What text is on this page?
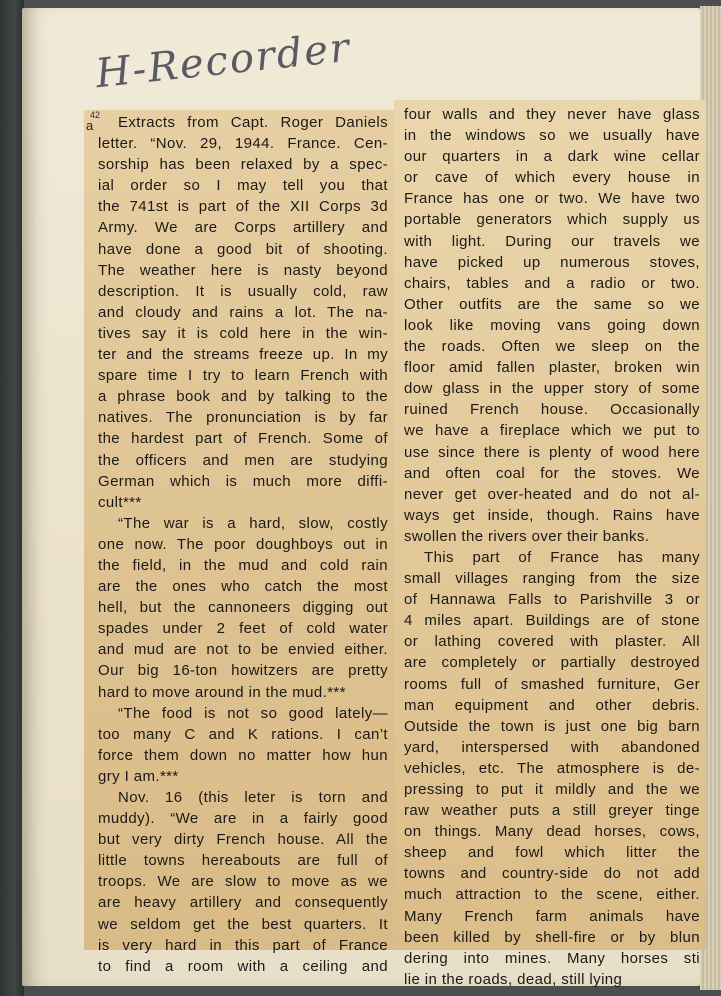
H-Recorder
Extracts from Capt. Roger Daniels
letter. “Nov. 29, 1944. France. Cen-
sorship has been relaxed by a spec-
ial order so I may tell you that
the 741st is part of the XII Corps 3d
Army. We are Corps artillery and
have done a good bit of shooting.
The weather here is nasty beyond
description. It is usually cold, raw
and cloudy and rains a lot. The na-
tives say it is cold here in the win-
ter and the streams freeze up. In my
spare time I try to learn French with
a phrase book and by talking to the
natives. The pronunciation is by far
the hardest part of French. Some of
the officers and men are studying
German which is much more diffi-
cult***
“The war is a hard, slow, costly
one now. The poor doughboys out in
the field, in the mud and cold rain
are the ones who catch the most
hell, but the cannoneers digging out
spades under 2 feet of cold water
and mud are not to be envied either.
Our big 16-ton howitzers are pretty
hard to move around in the mud.***
“The food is not so good lately—
too many C and K rations. I can’t
force them down no matter how hun
gry I am.***
Nov. 16 (this leter is torn and
muddy). “We are in a fairly good
but very dirty French house. All the
little towns hereabouts are full of
troops. We are slow to move as we
are heavy artillery and consequently
we seldom get the best quarters. It
is very hard in this part of France
to find a room with a ceiling and
four walls and they never have glass
in the windows so we usually have
our quarters in a dark wine cellar
or cave of which every house in
France has one or two. We have two
portable generators which supply us
with light. During our travels we
have picked up numerous stoves,
chairs, tables and a radio or two.
Other outfits are the same so we
look like moving vans going down
the roads. Often we sleep on the
floor amid fallen plaster, broken win
dow glass in the upper story of some
ruined French house. Occasionally
we have a fireplace which we put to
use since there is plenty of wood here
and often coal for the stoves. We
never get over-heated and do not al-
ways get inside, though. Rains have
swollen the rivers over their banks.
This part of France has many
small villages ranging from the size
of Hannawa Falls to Parishville 3 or
4 miles apart. Buildings are of stone
or lathing covered with plaster. All
are completely or partially destroyed
rooms full of smashed furniture, Ger
man equipment and other debris.
Outside the town is just one big barn
yard, interspersed with abandoned
vehicles, etc. The atmosphere is de-
pressing to put it mildly and the we
raw weather puts a still greyer tinge
on things. Many dead horses, cows,
sheep and fowl which litter the
towns and country-side do not add
much attraction to the scene, either.
Many French farm animals have
been killed by shell-fire or by blun
dering into mines. Many horses sti
lie in the roads, dead, still lying
42
a
